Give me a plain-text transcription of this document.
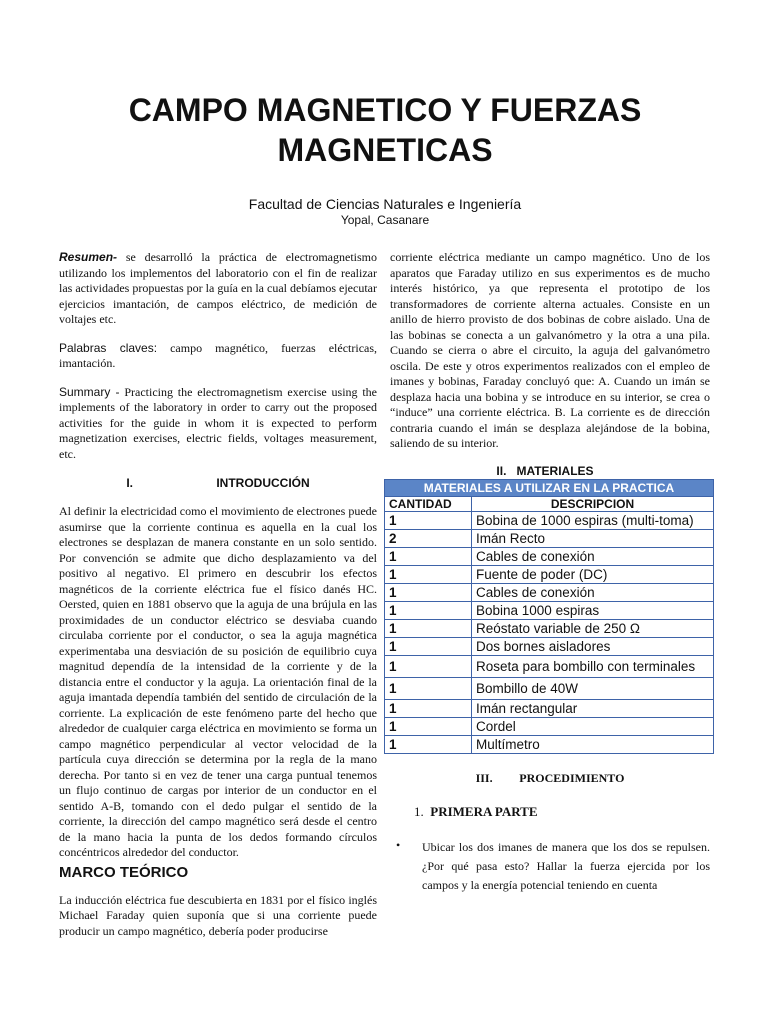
CAMPO MAGNETICO Y FUERZAS
MAGNETICAS
Facultad de Ciencias Naturales e Ingeniería
Yopal, Casanare

Resumen- se desarrolló la práctica de electromagnetismo utilizando los implementos del laboratorio con el fin de realizar las actividades propuestas por la guía en la cual debíamos ejecutar ejercicios imantación, de campos eléctrico, de medición de voltajes etc.

Palabras claves: campo magnético, fuerzas eléctricas, imantación.

Summary - Practicing the electromagnetism exercise using the implements of the laboratory in order to carry out the proposed activities for the guide in whom it is expected to perform magnetization exercises, electric fields, voltages measurement, etc.

I.	INTRODUCCIÓN

Al definir la electricidad como el movimiento de electrones puede asumirse que la corriente continua es aquella en la cual los electrones se desplazan de manera constante en un solo sentido. Por convención se admite que dicho desplazamiento va del positivo al negativo. El primero en descubrir los efectos magnéticos de la corriente eléctrica fue el físico danés HC. Oersted, quien en 1881 observo que la aguja de una brújula en las proximidades de un conductor eléctrico se desviaba cuando circulaba corriente por el conductor, o sea la aguja magnética experimentaba una desviación de su posición de equilibrio cuya magnitud dependía de la intensidad de la corriente y de la distancia entre el conductor y la aguja. La orientación final de la aguja imantada dependía también del sentido de circulación de la corriente. La explicación de este fenómeno parte del hecho que alrededor de cualquier carga eléctrica en movimiento se forma un campo magnético perpendicular al vector velocidad de la partícula cuya dirección se determina por la regla de la mano derecha. Por tanto si en vez de tener una carga puntual tenemos un flujo continuo de cargas por interior de un conductor en el sentido A-B, tomando con el dedo pulgar el sentido de la corriente, la dirección del campo magnético será desde el centro de la mano hacia la punta de los dedos formando círculos concéntricos alrededor del conductor.

MARCO TEÓRICO

La inducción eléctrica fue descubierta en 1831 por el físico inglés Michael Faraday quien suponía que si una corriente puede producir un campo magnético, debería poder producirse

corriente eléctrica mediante un campo magnético. Uno de los aparatos que Faraday utilizo en sus experimentos es de mucho interés histórico, ya que representa el prototipo de los transformadores de corriente alterna actuales. Consiste en un anillo de hierro provisto de dos bobinas de cobre aislado. Una de las bobinas se conecta a un galvanómetro y la otra a una pila. Cuando se cierra o abre el circuito, la aguja del galvanómetro oscila. De este y otros experimentos realizados con el empleo de imanes y bobinas, Faraday concluyó que: A. Cuando un imán se desplaza hacia una bobina y se introduce en su interior, se crea o “induce” una corriente eléctrica. B. La corriente es de dirección contraria cuando el imán se desplaza alejándose de la bobina, saliendo de su interior.

II. MATERIALES

MATERIALES A UTILIZAR EN LA PRACTICA	
CANTIDAD	DESCRIPCION
1	Bobina de 1000 espiras (multi-toma)
2	Imán Recto
1	Cables de conexión
1	Fuente de poder (DC)
1	Cables de conexión
1	Bobina 1000 espiras
1	Reóstato variable de 250 Ω
1	Dos bornes aisladores
1	Roseta para bombillo con terminales
1	Bombillo de 40W
1	Imán rectangular
1	Cordel
1	Multímetro

III. PROCEDIMIENTO

1. PRIMERA PARTE

• Ubicar los dos imanes de manera que los dos se repulsen. ¿Por qué pasa esto? Hallar la fuerza ejercida por los campos y la energía potencial teniendo en cuenta
